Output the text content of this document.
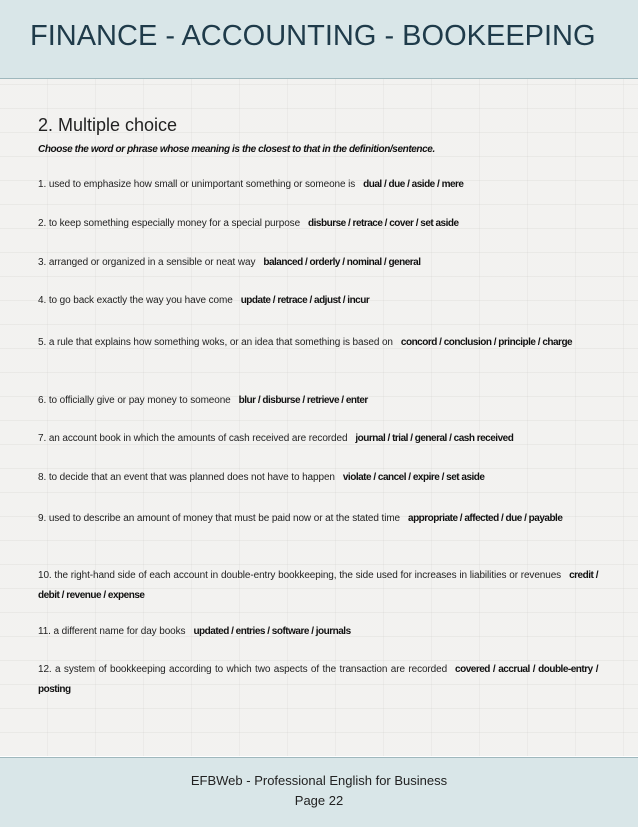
FINANCE - ACCOUNTING - BOOKEEPING
2. Multiple choice
Choose the word or phrase whose meaning is the closest to that in the definition/sentence.
1. used to emphasize how small or unimportant something or someone is dual / due / aside / mere
2. to keep something especially money for a special purpose disburse / retrace / cover / set aside
3. arranged or organized in a sensible or neat way balanced / orderly / nominal / general
4. to go back exactly the way you have come update / retrace / adjust / incur
5. a rule that explains how something woks, or an idea that something is based on concord / conclusion / principle / charge
6. to officially give or pay money to someone blur / disburse / retrieve / enter
7. an account book in which the amounts of cash received are recorded journal / trial / general / cash received
8. to decide that an event that was planned does not have to happen violate / cancel / expire / set aside
9. used to describe an amount of money that must be paid now or at the stated time appropriate / affected / due / payable
10. the right-hand side of each account in double-entry bookkeeping, the side used for increases in liabilities or revenues credit / debit / revenue / expense
11. a different name for day books updated / entries / software / journals
12. a system of bookkeeping according to which two aspects of the transaction are recorded covered / accrual / double-entry / posting
EFBWeb - Professional English for Business
Page 22
